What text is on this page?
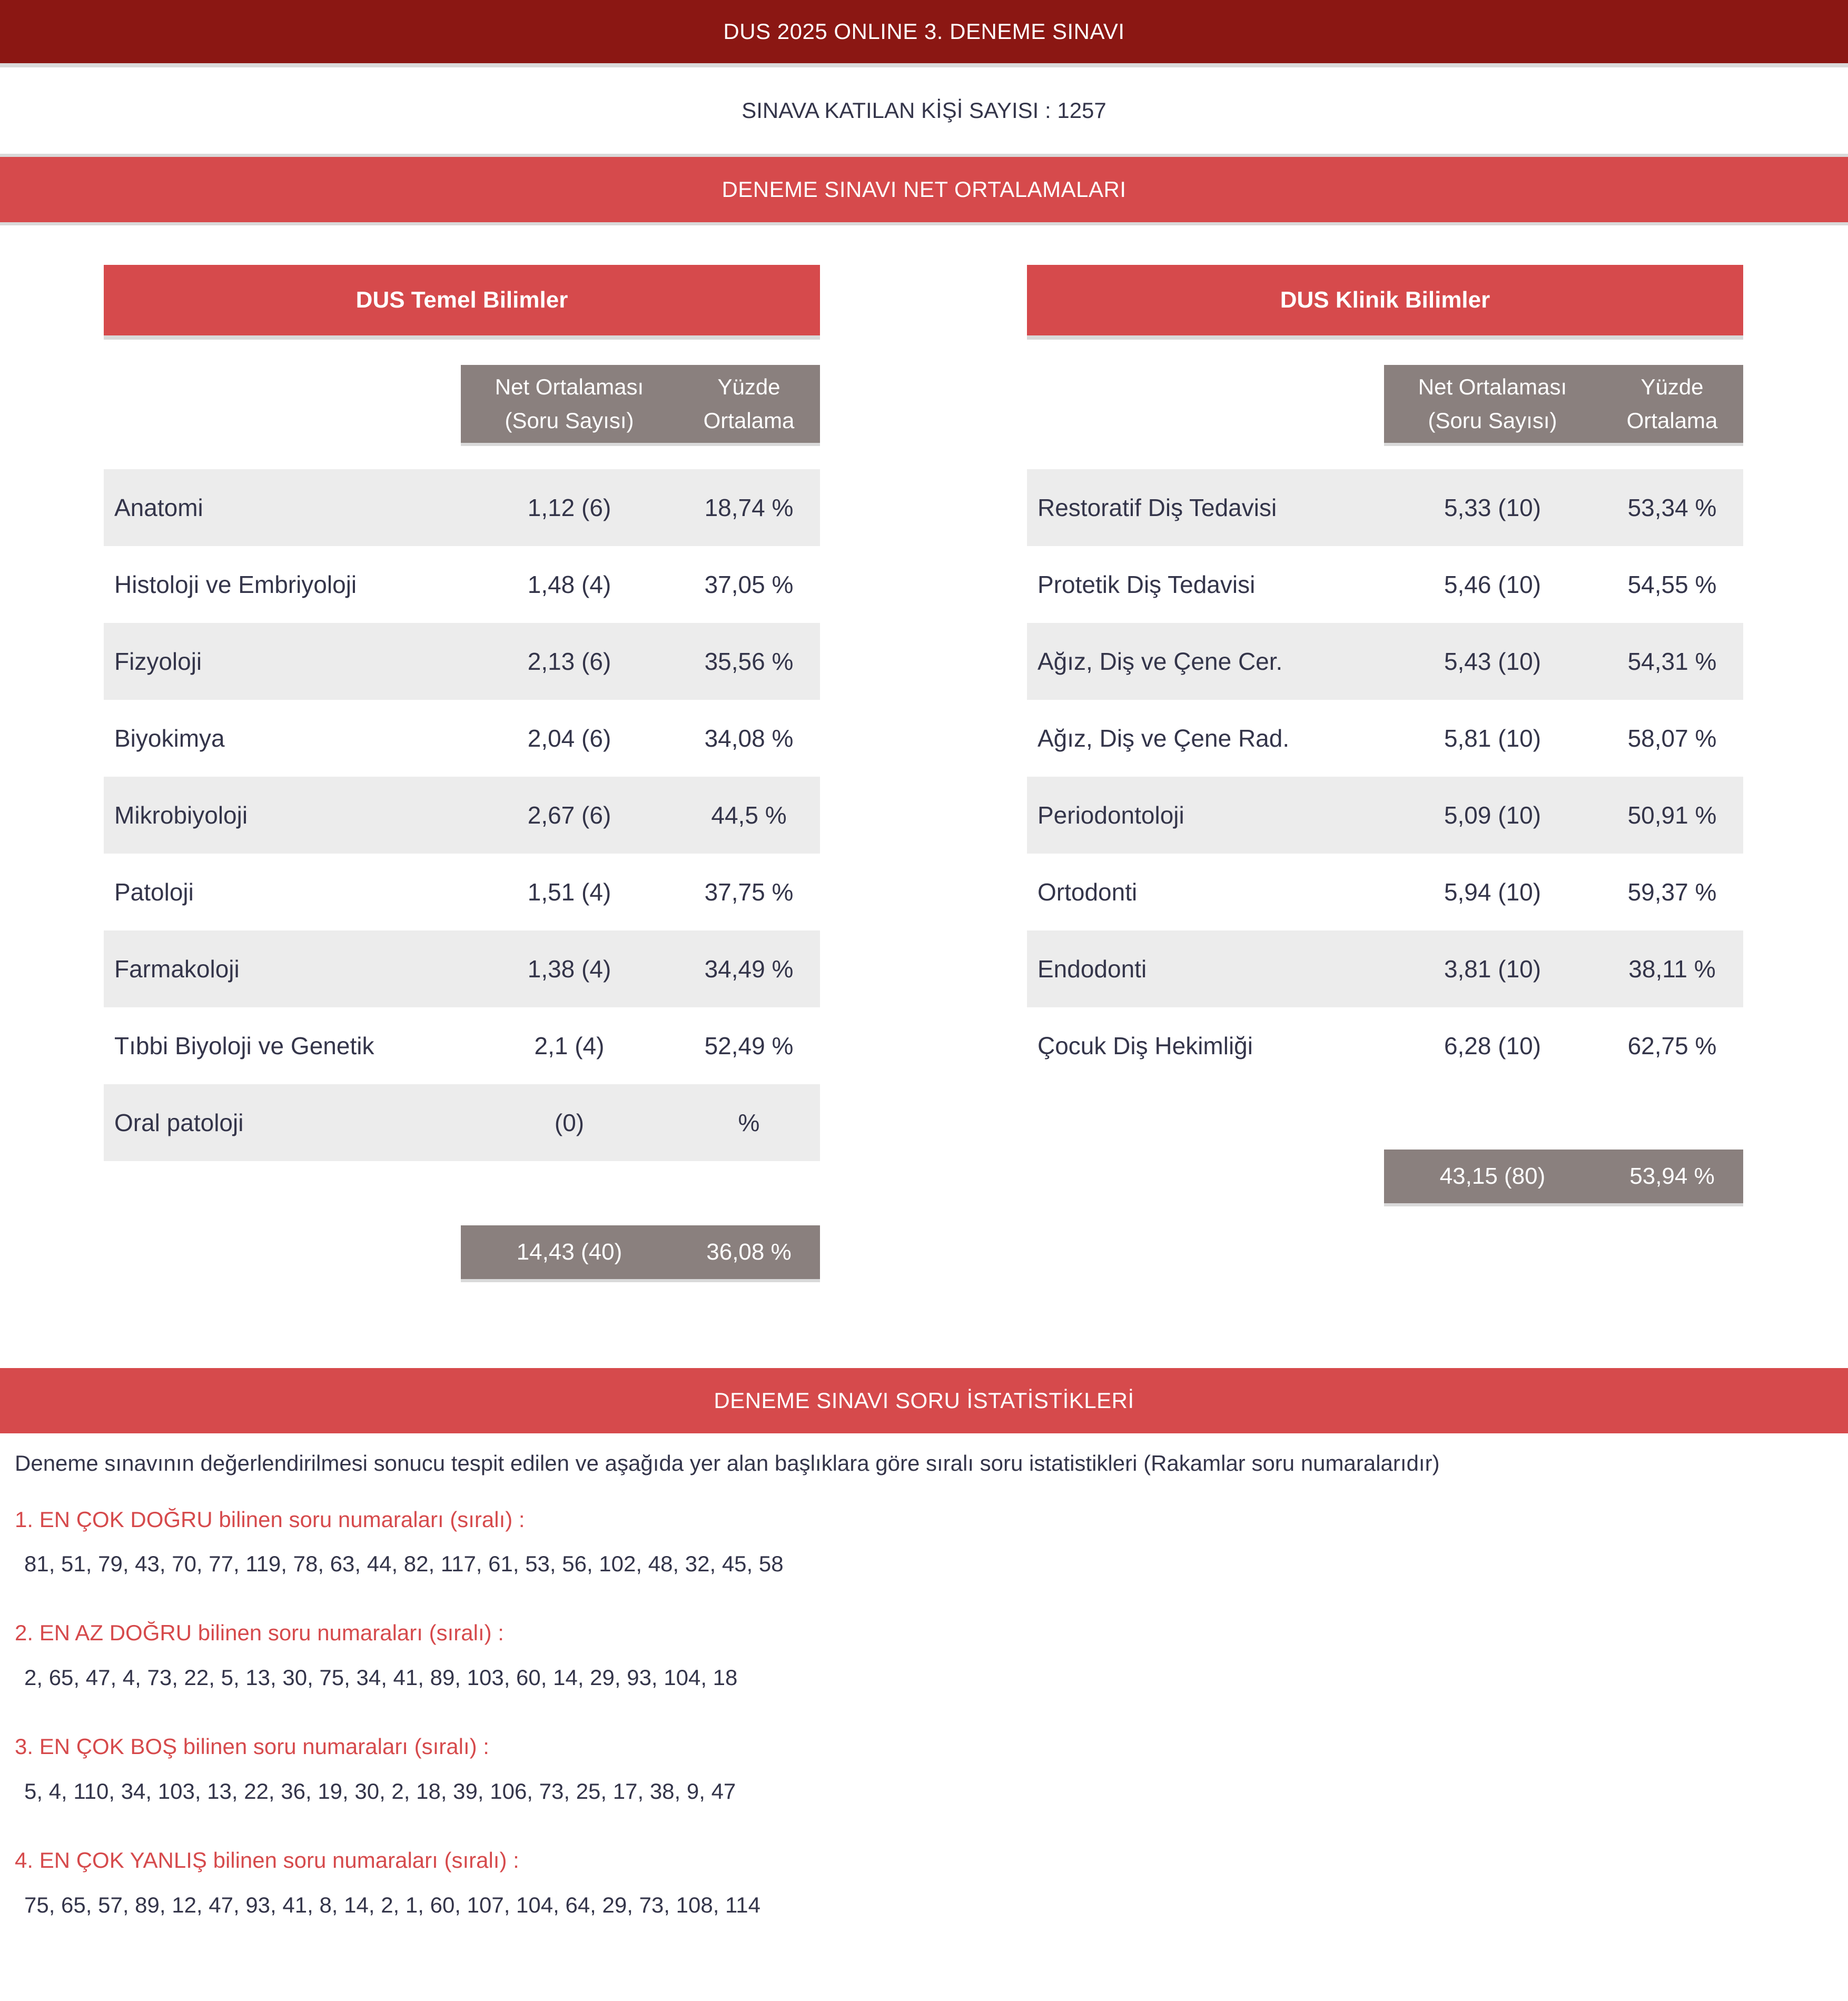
DUS 2025 ONLINE 3. DENEME SINAVI
SINAVA KATILAN KİŞİ SAYISI : 1257
DENEME SINAVI NET ORTALAMALARI
DUS Temel Bilimler
Net Ortalaması
(Soru Sayısı)
Yüzde
Ortalama
Anatomi	1,12 (6)	18,74 %
Histoloji ve Embriyoloji	1,48 (4)	37,05 %
Fizyoloji	2,13 (6)	35,56 %
Biyokimya	2,04 (6)	34,08 %
Mikrobiyoloji	2,67 (6)	44,5 %
Patoloji	1,51 (4)	37,75 %
Farmakoloji	1,38 (4)	34,49 %
Tıbbi Biyoloji ve Genetik	2,1 (4)	52,49 %
Oral patoloji	(0)	%
14,43 (40)	36,08 %
DUS Klinik Bilimler
Net Ortalaması
(Soru Sayısı)
Yüzde
Ortalama
Restoratif Diş Tedavisi	5,33 (10)	53,34 %
Protetik Diş Tedavisi	5,46 (10)	54,55 %
Ağız, Diş ve Çene Cer.	5,43 (10)	54,31 %
Ağız, Diş ve Çene Rad.	5,81 (10)	58,07 %
Periodontoloji	5,09 (10)	50,91 %
Ortodonti	5,94 (10)	59,37 %
Endodonti	3,81 (10)	38,11 %
Çocuk Diş Hekimliği	6,28 (10)	62,75 %
43,15 (80)	53,94 %
DENEME SINAVI SORU İSTATİSTİKLERİ
Deneme sınavının değerlendirilmesi sonucu tespit edilen ve aşağıda yer alan başlıklara göre sıralı soru istatistikleri (Rakamlar soru numaralarıdır)
1. EN ÇOK DOĞRU bilinen soru numaraları (sıralı) :
81, 51, 79, 43, 70, 77, 119, 78, 63, 44, 82, 117, 61, 53, 56, 102, 48, 32, 45, 58
2. EN AZ DOĞRU bilinen soru numaraları (sıralı) :
2, 65, 47, 4, 73, 22, 5, 13, 30, 75, 34, 41, 89, 103, 60, 14, 29, 93, 104, 18
3. EN ÇOK BOŞ bilinen soru numaraları (sıralı) :
5, 4, 110, 34, 103, 13, 22, 36, 19, 30, 2, 18, 39, 106, 73, 25, 17, 38, 9, 47
4. EN ÇOK YANLIŞ bilinen soru numaraları (sıralı) :
75, 65, 57, 89, 12, 47, 93, 41, 8, 14, 2, 1, 60, 107, 104, 64, 29, 73, 108, 114
